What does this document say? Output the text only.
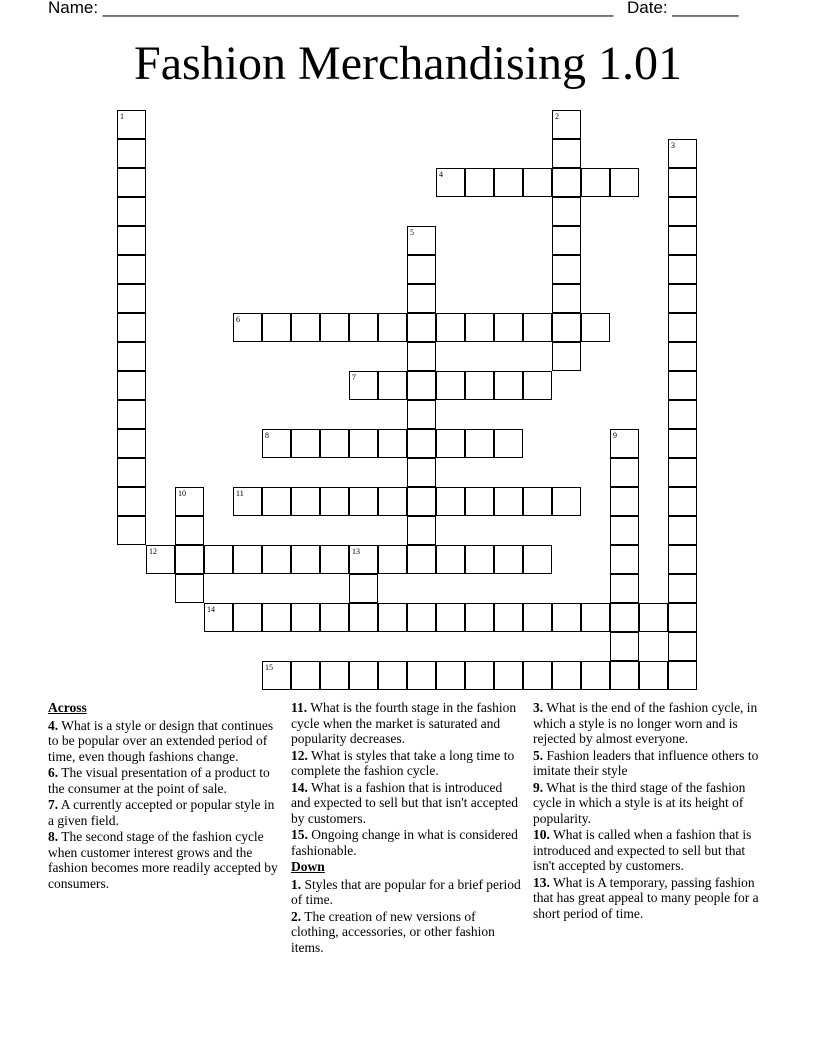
Name: ______________________________________________________ Date: _______
Fashion Merchandising 1.01
1	2
3
4
5
6
7
8	9
10	11
12	13
14
15
Across
4. What is a style or design that continues to be popular over an extended period of time, even though fashions change.
6. The visual presentation of a product to the consumer at the point of sale.
7. A currently accepted or popular style in a given field.
8. The second stage of the fashion cycle when customer interest grows and the fashion becomes more readily accepted by consumers.
11. What is the fourth stage in the fashion cycle when the market is saturated and popularity decreases.
12. What is styles that take a long time to complete the fashion cycle.
14. What is a fashion that is introduced and expected to sell but that isn't accepted by customers.
15. Ongoing change in what is considered fashionable.
Down
1. Styles that are popular for a brief period of time.
2. The creation of new versions of clothing, accessories, or other fashion items.
3. What is the end of the fashion cycle, in which a style is no longer worn and is rejected by almost everyone.
5. Fashion leaders that influence others to imitate their style
9. What is the third stage of the fashion cycle in which a style is at its height of popularity.
10. What is called when a fashion that is introduced and expected to sell but that isn't accepted by customers.
13. What is A temporary, passing fashion that has great appeal to many people for a short period of time.
